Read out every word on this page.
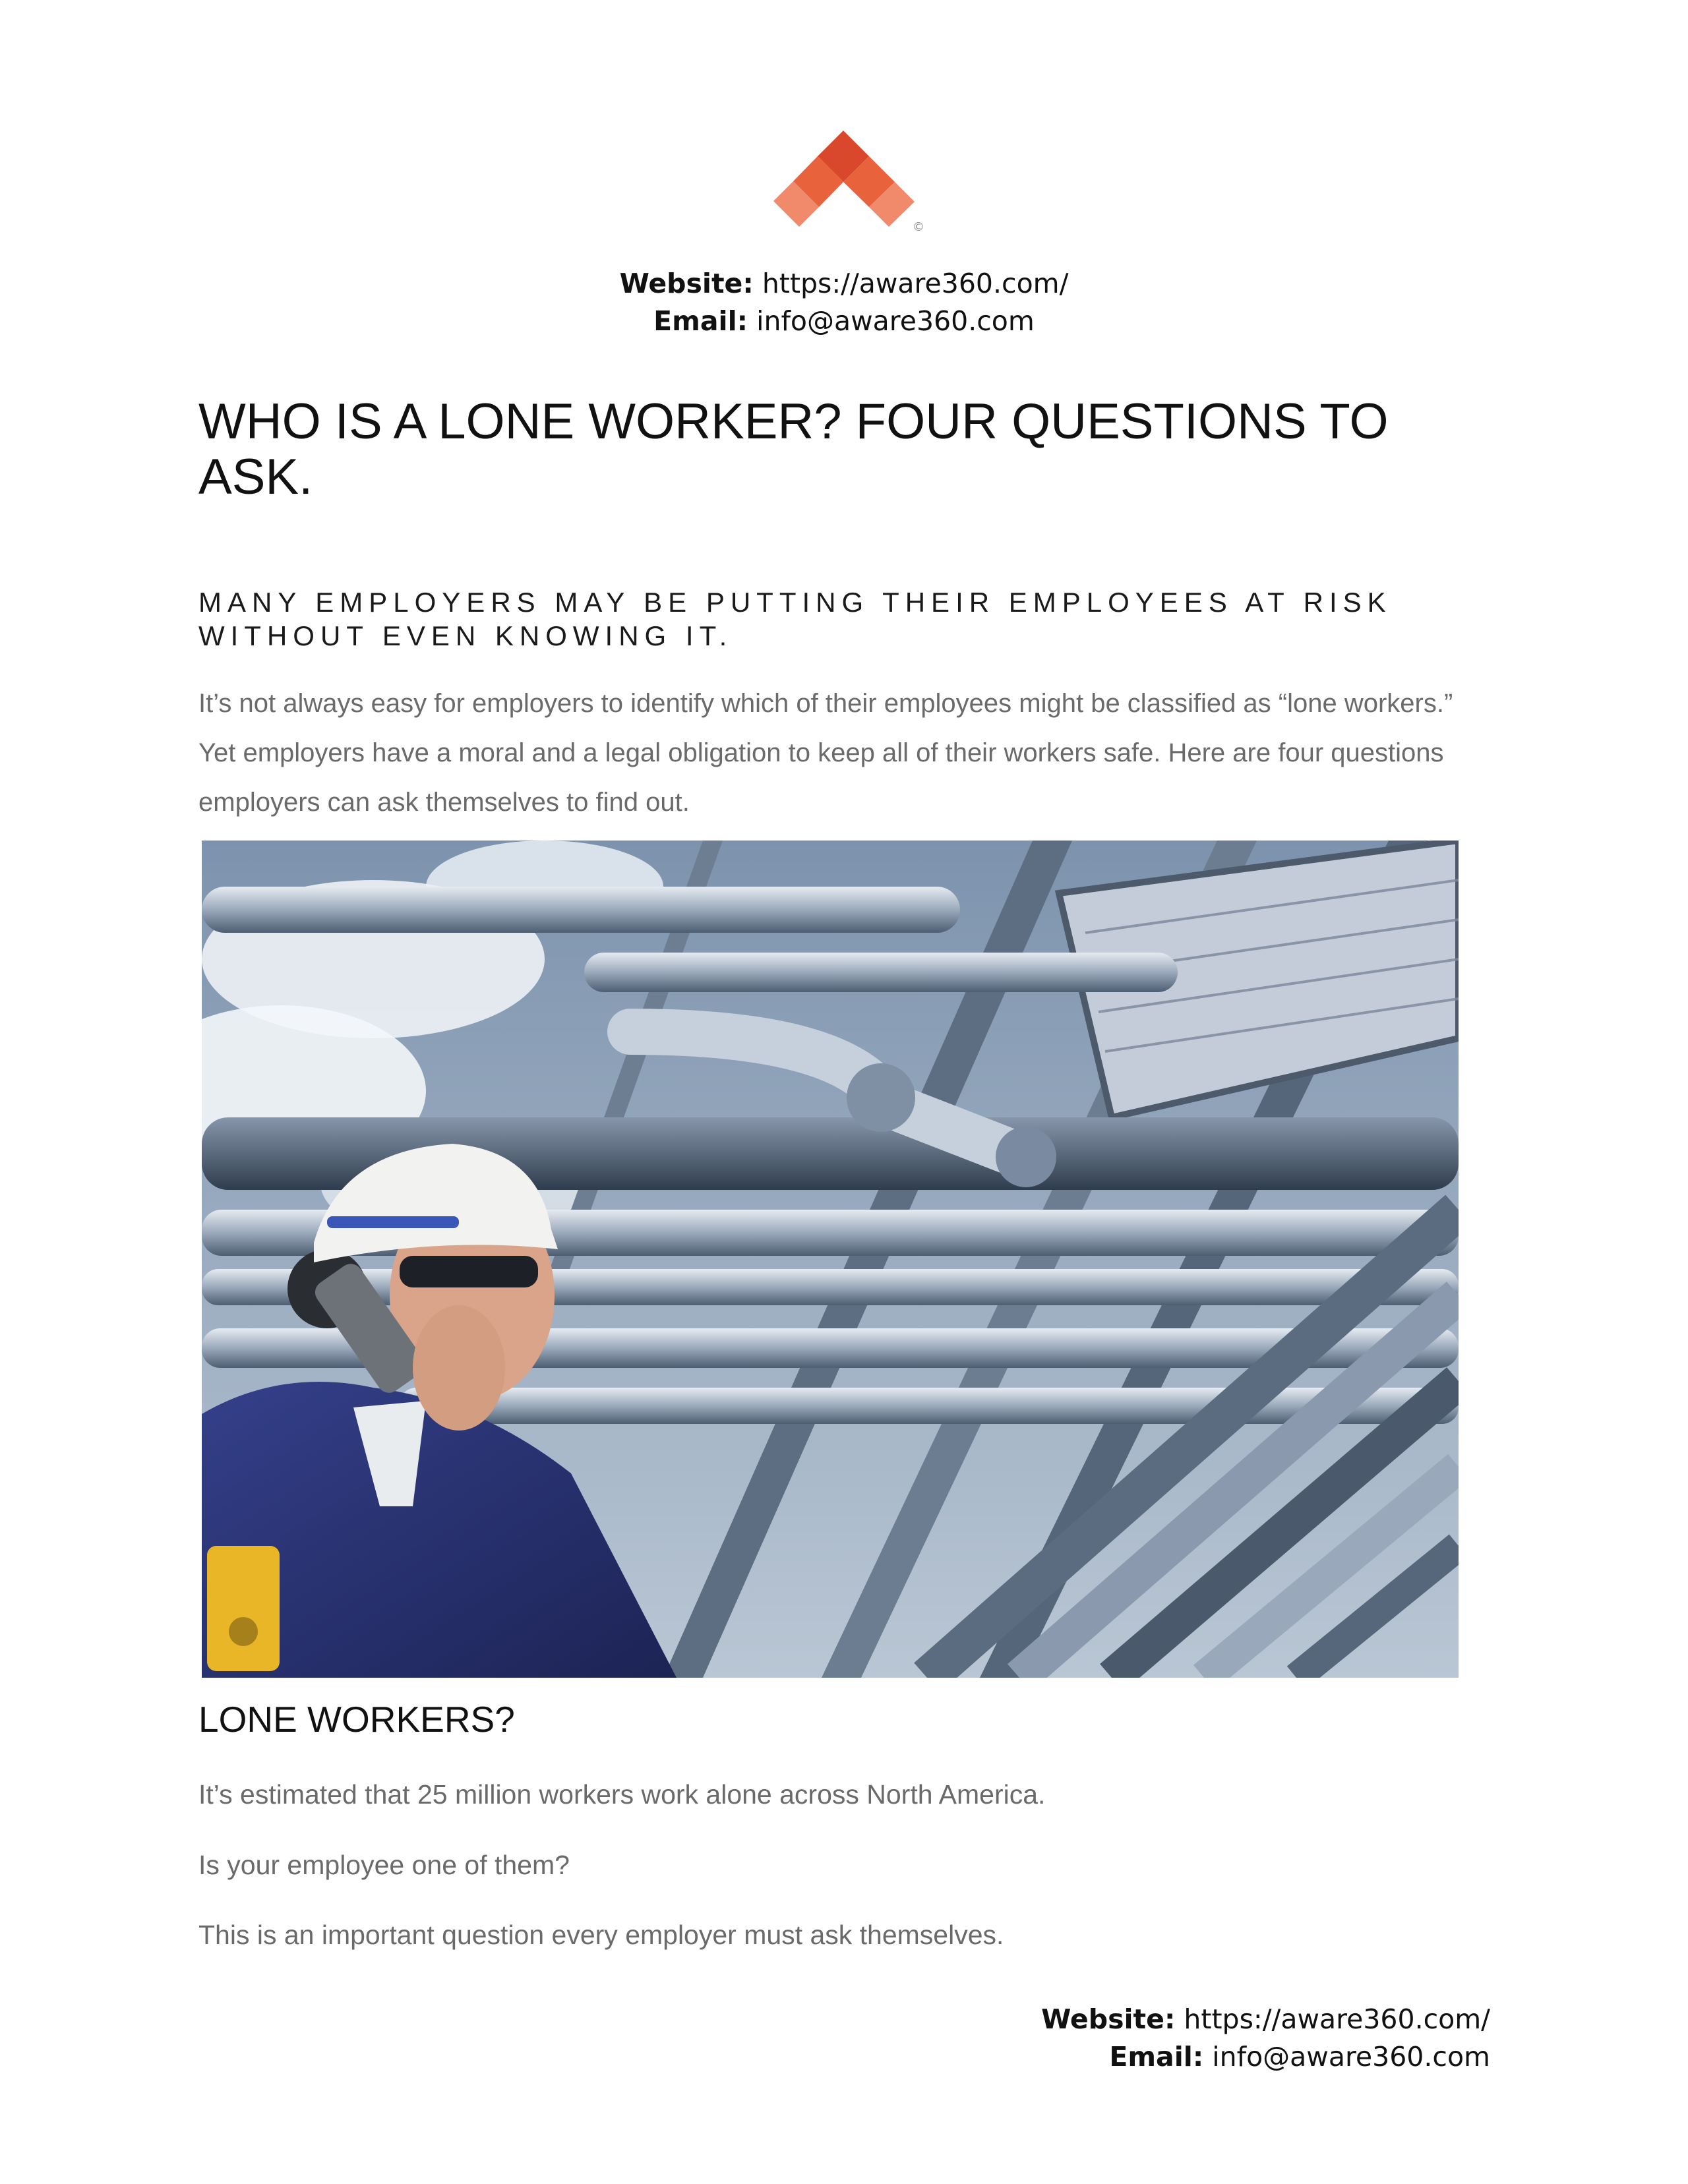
©
Website: https://aware360.com/
Email: info@aware360.com
WHO IS A LONE WORKER? FOUR QUESTIONS TO ASK.
MANY EMPLOYERS MAY BE PUTTING THEIR EMPLOYEES AT RISK WITHOUT EVEN KNOWING IT.

It’s not always easy for employers to identify which of their employees might be classified as “lone workers.” Yet employers have a moral and a legal obligation to keep all of their workers safe. Here are four questions employers can ask themselves to find out.

LONE WORKERS?

It’s estimated that 25 million workers work alone across North America.

Is your employee one of them?

This is an important question every employer must ask themselves.

Website: https://aware360.com/
Email: info@aware360.com
